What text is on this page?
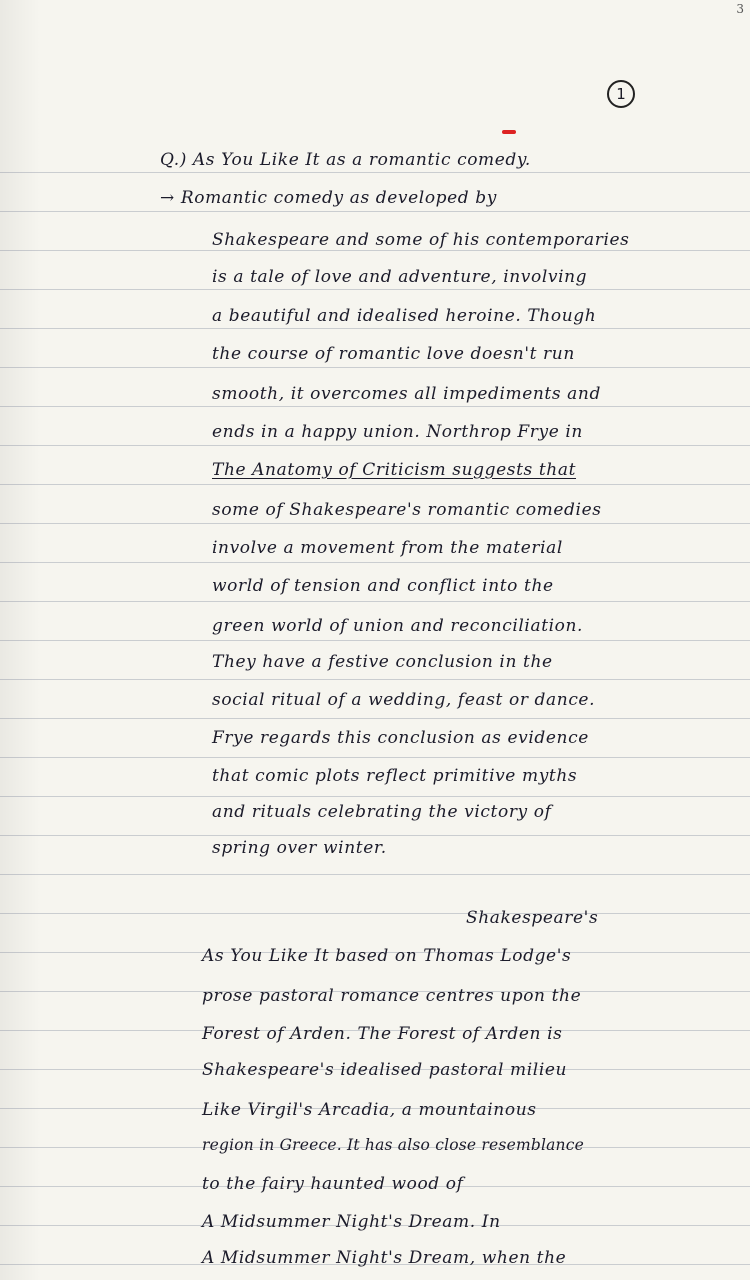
3
1
Q.) As You Like It as a romantic comedy.
→ Romantic comedy as developed by
Shakespeare and some of his contemporaries
is a tale of love and adventure, involving
a beautiful and idealised heroine. Though
the course of romantic love doesn't run
smooth, it overcomes all impediments and
ends in a happy union. Northrop Frye in
The Anatomy of Criticism suggests that
some of Shakespeare's romantic comedies
involve a movement from the material
world of tension and conflict into the
green world of union and reconciliation.
They have a festive conclusion in the
social ritual of a wedding, feast or dance.
Frye regards this conclusion as evidence
that comic plots reflect primitive myths
and rituals celebrating the victory of
spring over winter.
Shakespeare's
As You Like It based on Thomas Lodge's
prose pastoral romance centres upon the
Forest of Arden. The Forest of Arden is
Shakespeare's idealised pastoral milieu
Like Virgil's Arcadia, a mountainous
region in Greece. It has also close resemblance
to the fairy haunted wood of
A Midsummer Night's Dream. In
A Midsummer Night's Dream, when the
